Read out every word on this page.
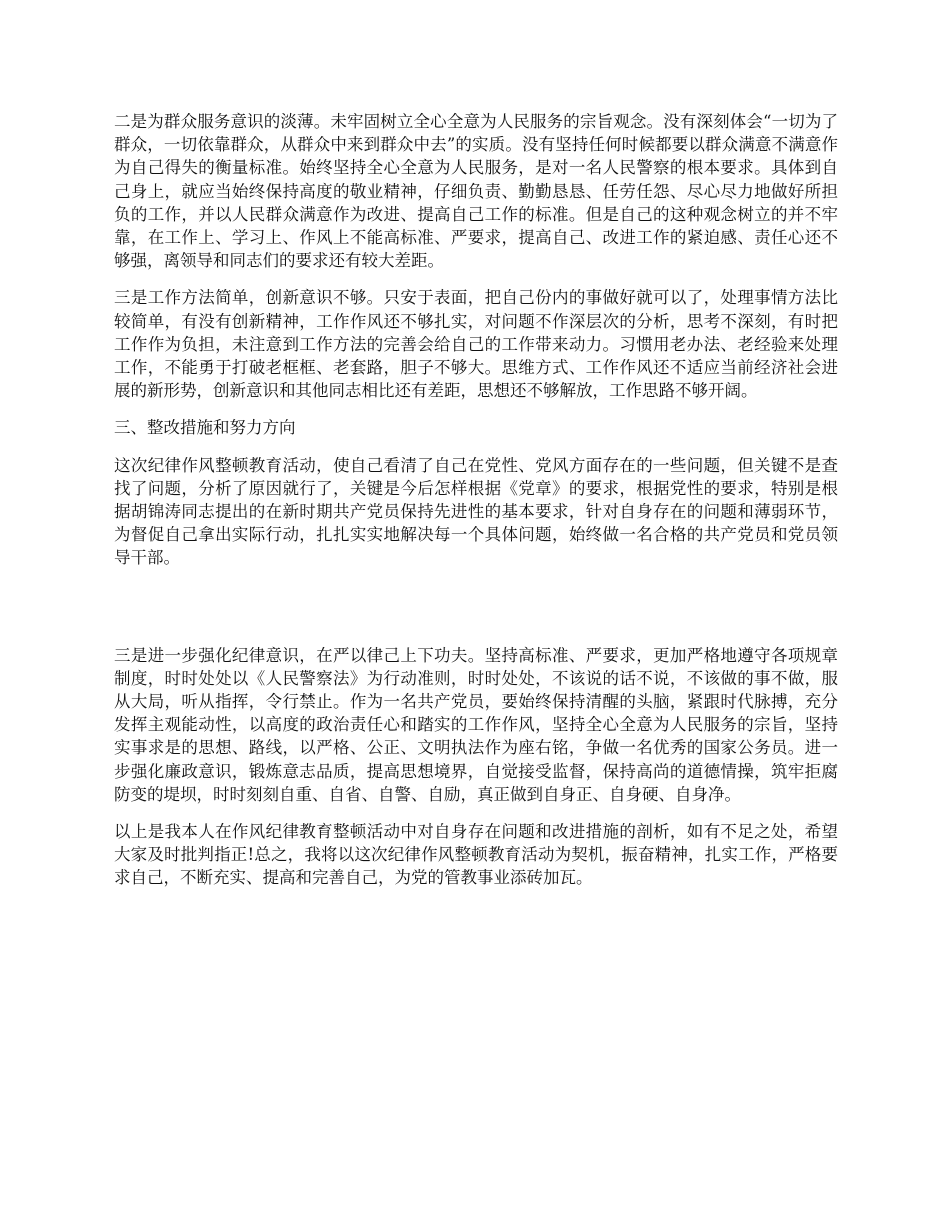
二是为群众服务意识的淡薄。未牢固树立全心全意为人民服务的宗旨观念。没有深刻体会“一切为了群众，一切依靠群众，从群众中来到群众中去”的实质。没有坚持任何时候都要以群众满意不满意作为自己得失的衡量标准。始终坚持全心全意为人民服务，是对一名人民警察的根本要求。具体到自己身上，就应当始终保持高度的敬业精神，仔细负责、勤勤恳恳、任劳任怨、尽心尽力地做好所担负的工作，并以人民群众满意作为改进、提高自己工作的标准。但是自己的这种观念树立的并不牢靠，在工作上、学习上、作风上不能高标准、严要求，提高自己、改进工作的紧迫感、责任心还不够强，离领导和同志们的要求还有较大差距。

三是工作方法简单，创新意识不够。只安于表面，把自己份内的事做好就可以了，处理事情方法比较简单，有没有创新精神，工作作风还不够扎实，对问题不作深层次的分析，思考不深刻，有时把工作作为负担，未注意到工作方法的完善会给自己的工作带来动力。习惯用老办法、老经验来处理工作，不能勇于打破老框框、老套路，胆子不够大。思维方式、工作作风还不适应当前经济社会进展的新形势，创新意识和其他同志相比还有差距，思想还不够解放，工作思路不够开阔。

三、整改措施和努力方向

这次纪律作风整顿教育活动，使自己看清了自己在党性、党风方面存在的一些问题，但关键不是查找了问题，分析了原因就行了，关键是今后怎样根据《党章》的要求，根据党性的要求，特别是根据胡锦涛同志提出的在新时期共产党员保持先进性的基本要求，针对自身存在的问题和薄弱环节，为督促自己拿出实际行动，扎扎实实地解决每一个具体问题，始终做一名合格的共产党员和党员领导干部。

三是进一步强化纪律意识，在严以律己上下功夫。坚持高标准、严要求，更加严格地遵守各项规章制度，时时处处以《人民警察法》为行动准则，时时处处，不该说的话不说，不该做的事不做，服从大局，听从指挥，令行禁止。作为一名共产党员，要始终保持清醒的头脑，紧跟时代脉搏，充分发挥主观能动性，以高度的政治责任心和踏实的工作作风，坚持全心全意为人民服务的宗旨，坚持实事求是的思想、路线，以严格、公正、文明执法作为座右铭，争做一名优秀的国家公务员。进一步强化廉政意识，锻炼意志品质，提高思想境界，自觉接受监督，保持高尚的道德情操，筑牢拒腐防变的堤坝，时时刻刻自重、自省、自警、自励，真正做到自身正、自身硬、自身净。

以上是我本人在作风纪律教育整顿活动中对自身存在问题和改进措施的剖析，如有不足之处，希望大家及时批判指正!总之，我将以这次纪律作风整顿教育活动为契机，振奋精神，扎实工作，严格要求自己，不断充实、提高和完善自己，为党的管教事业添砖加瓦。
